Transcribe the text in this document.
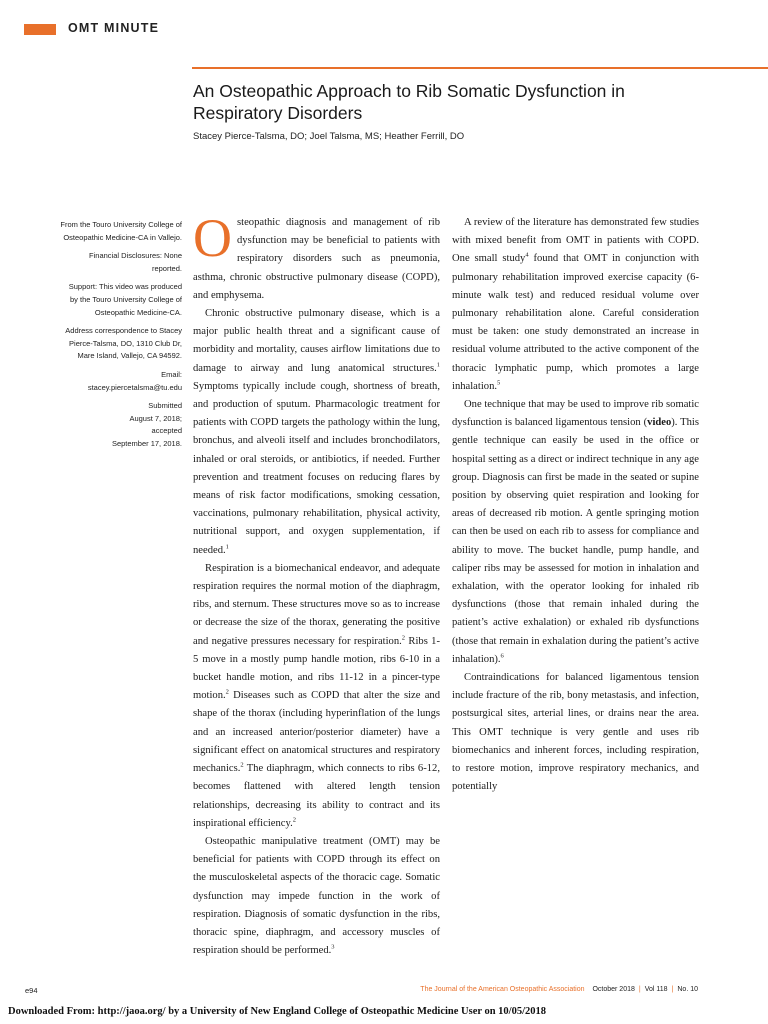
OMT MINUTE
An Osteopathic Approach to Rib Somatic Dysfunction in Respiratory Disorders
Stacey Pierce-Talsma, DO; Joel Talsma, MS; Heather Ferrill, DO

From the Touro University College of Osteopathic Medicine-CA in Vallejo.

Financial Disclosures: None reported.

Support: This video was produced by the Touro University College of Osteopathic Medicine-CA.

Address correspondence to Stacey Pierce-Talsma, DO, 1310 Club Dr, Mare Island, Vallejo, CA 94592.

Email:
stacey.piercetalsma@tu.edu

Submitted
August 7, 2018;
accepted
September 17, 2018.

Osteopathic diagnosis and management of rib dysfunction may be beneficial to patients with respiratory disorders such as pneumonia, asthma, chronic obstructive pulmonary disease (COPD), and emphysema.

Chronic obstructive pulmonary disease, which is a major public health threat and a significant cause of morbidity and mortality, causes airflow limitations due to damage to airway and lung anatomical structures.$^1$ Symptoms typically include cough, shortness of breath, and production of sputum. Pharmacologic treatment for patients with COPD targets the pathology within the lung, bronchus, and alveoli itself and includes bronchodilators, inhaled or oral steroids, or antibiotics, if needed. Further prevention and treatment focuses on reducing flares by means of risk factor modifications, smoking cessation, vaccinations, pulmonary rehabilitation, physical activity, nutritional support, and oxygen supplementation, if needed.$^1$

Respiration is a biomechanical endeavor, and adequate respiration requires the normal motion of the diaphragm, ribs, and sternum. These structures move so as to increase or decrease the size of the thorax, generating the positive and negative pressures necessary for respiration.$^2$ Ribs 1-5 move in a mostly pump handle motion, ribs 6-10 in a bucket handle motion, and ribs 11-12 in a pincer-type motion.$^2$ Diseases such as COPD that alter the size and shape of the thorax (including hyperinflation of the lungs and an increased anterior/posterior diameter) have a significant effect on anatomical structures and respiratory mechanics.$^2$ The diaphragm, which connects to ribs 6-12, becomes flattened with altered length tension relationships, decreasing its ability to contract and its inspirational efficiency.$^2$

Osteopathic manipulative treatment (OMT) may be beneficial for patients with COPD through its effect on the musculoskeletal aspects of the thoracic cage. Somatic dysfunction may impede function in the work of respiration. Diagnosis of somatic dysfunction in the ribs, thoracic spine, diaphragm, and accessory muscles of respiration should be performed.$^3$

A review of the literature has demonstrated few studies with mixed benefit from OMT in patients with COPD. One small study$^4$ found that OMT in conjunction with pulmonary rehabilitation improved exercise capacity (6-minute walk test) and reduced residual volume over pulmonary rehabilitation alone. Careful consideration must be taken: one study demonstrated an increase in residual volume attributed to the active component of the thoracic lymphatic pump, which promotes a large inhalation.$^5$

One technique that may be used to improve rib somatic dysfunction is balanced ligamentous tension (video). This gentle technique can easily be used in the office or hospital setting as a direct or indirect technique in any age group. Diagnosis can first be made in the seated or supine position by observing quiet respiration and looking for areas of decreased rib motion. A gentle springing motion can then be used on each rib to assess for compliance and ability to move. The bucket handle, pump handle, and caliper ribs may be assessed for motion in inhalation and exhalation, with the operator looking for inhaled rib dysfunctions (those that remain inhaled during the patient’s active exhalation) or exhaled rib dysfunctions (those that remain in exhalation during the patient’s active inhalation).$^6$

Contraindications for balanced ligamentous tension include fracture of the rib, bony metastasis, and infection, postsurgical sites, arterial lines, or drains near the area. This OMT technique is very gentle and uses rib biomechanics and inherent forces, including respiration, to restore motion, improve respiratory mechanics, and potentially

e94	The Journal of the American Osteopathic Association October 2018 | Vol 118 | No. 10
Downloaded From: http://jaoa.org/ by a University of New England College of Osteopathic Medicine User on 10/05/2018
